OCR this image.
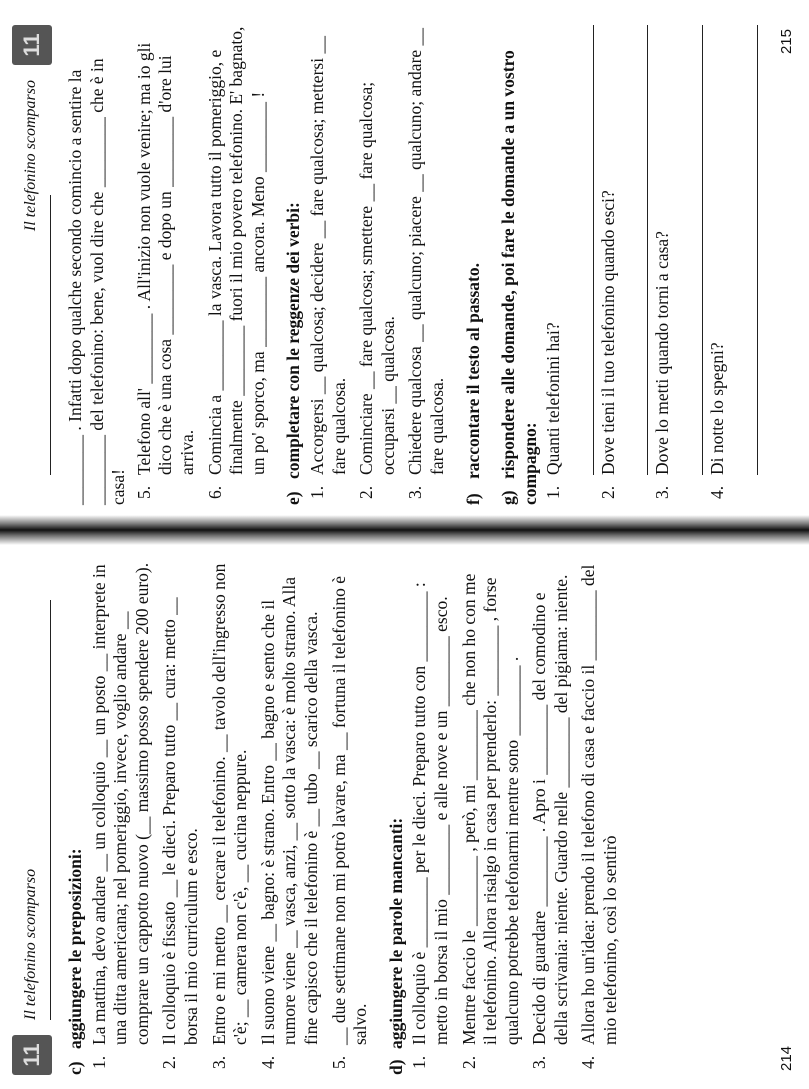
11
Il telefonino scomparso
c)aggiungere le preposizioni:
1.
La mattina, devo andare __ un colloquio __ un posto __ interprete in una ditta americana; nel pomeriggio, invece, voglio andare __ comprare un cappotto nuovo (__ massimo posso spendere 200 euro).
2.
Il colloquio è fissato __ le dieci. Preparo tutto __ cura: metto __ borsa il mio curriculum e esco.
3.
Entro e mi metto __ cercare il telefonino. __ tavolo dell'ingresso non c'è; __ camera non c'è, __ cucina neppure.
4.
Il suono viene __ bagno: è strano. Entro __ bagno e sento che il rumore viene __ vasca, anzi, __ sotto la vasca: è molto strano. Alla fine capisco che il telefonino è __ tubo __ scarico della vasca.
5.
__ due settimane non mi potrò lavare, ma __ fortuna il telefonino è salvo.
d)aggiungere le parole mancanti:
1.
Il colloquio è ________ per le dieci. Preparo tutto con ________ : metto in borsa il mio ________ e alle nove e un ________ esco.
2.
Mentre faccio le ________ , però, mi ________ che non ho con me il telefonino. Allora risalgo in casa per prenderlo: ________ , forse qualcuno potrebbe telefonarmi mentre sono ________ .
3.
Decido di guardare ________ . Apro i ________ del comodino e della scrivania: niente. Guardo nelle ________ del pigiama: niente.
4.
Allora ho un'idea: prendo il telefono di casa e faccio il ________ del mio telefonino, così lo sentirò
214
Il telefonino scomparso
11
________ . Infatti dopo qualche secondo comincio a sentire la ________ del telefonino: bene, vuol dire che ________ che è in casa! 5.
Telefono all' ________ . All'inizio non vuole venire; ma io gli dico che è una cosa ________ e dopo un ________ d'ore lui arriva.
6.
Comincia a ________ la vasca. Lavora tutto il pomeriggio, e finalmente ________ fuori il mio povero telefonino. E' bagnato, un po' sporco, ma ________ ancora. Meno ________ !
e)completare con le reggenze dei verbi:
1.
Accorgersi __ qualcosa; decidere __ fare qualcosa; mettersi __ fare qualcosa.
2.
Cominciare __ fare qualcosa; smettere __ fare qualcosa; occuparsi __ qualcosa.
3.
Chiedere qualcosa __ qualcuno; piacere __ qualcuno; andare __ fare qualcosa.
f)raccontare il testo al passato.
g)rispondere alle domande, poi fare le domande a un vostro compagno: 1.
Quanti telefonini hai?
2.
Dove tieni il tuo telefonino quando esci?
3.
Dove lo metti quando torni a casa?
4.
Di notte lo spegni?
215
